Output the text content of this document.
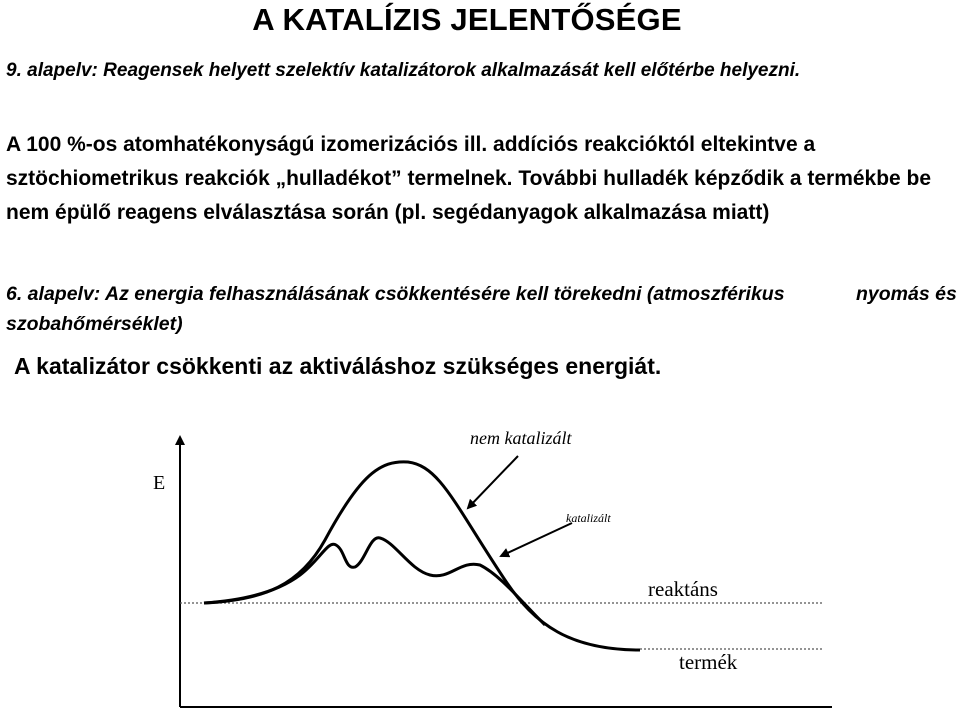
A KATALÍZIS JELENTŐSÉGE
9. alapelv: Reagensek helyett szelektív katalizátorok alkalmazását kell előtérbe helyezni.
A 100 %-os atomhatékonyságú izomerizációs ill. addíciós reakcióktól eltekintve a sztöchiometrikus reakciók „hulladékot” termelnek. További hulladék képződik a termékbe be nem épülő reagens elválasztása során (pl. segédanyagok alkalmazása miatt)
6. alapelv: Az energia felhasználásának csökkentésére kell törekedni (atmoszférikus	nyomás és
szobahőmérséklet)
A katalizátor csökkenti az aktiváláshoz szükséges energiát.
E
nem katalizált
katalizált
reaktáns
termék
